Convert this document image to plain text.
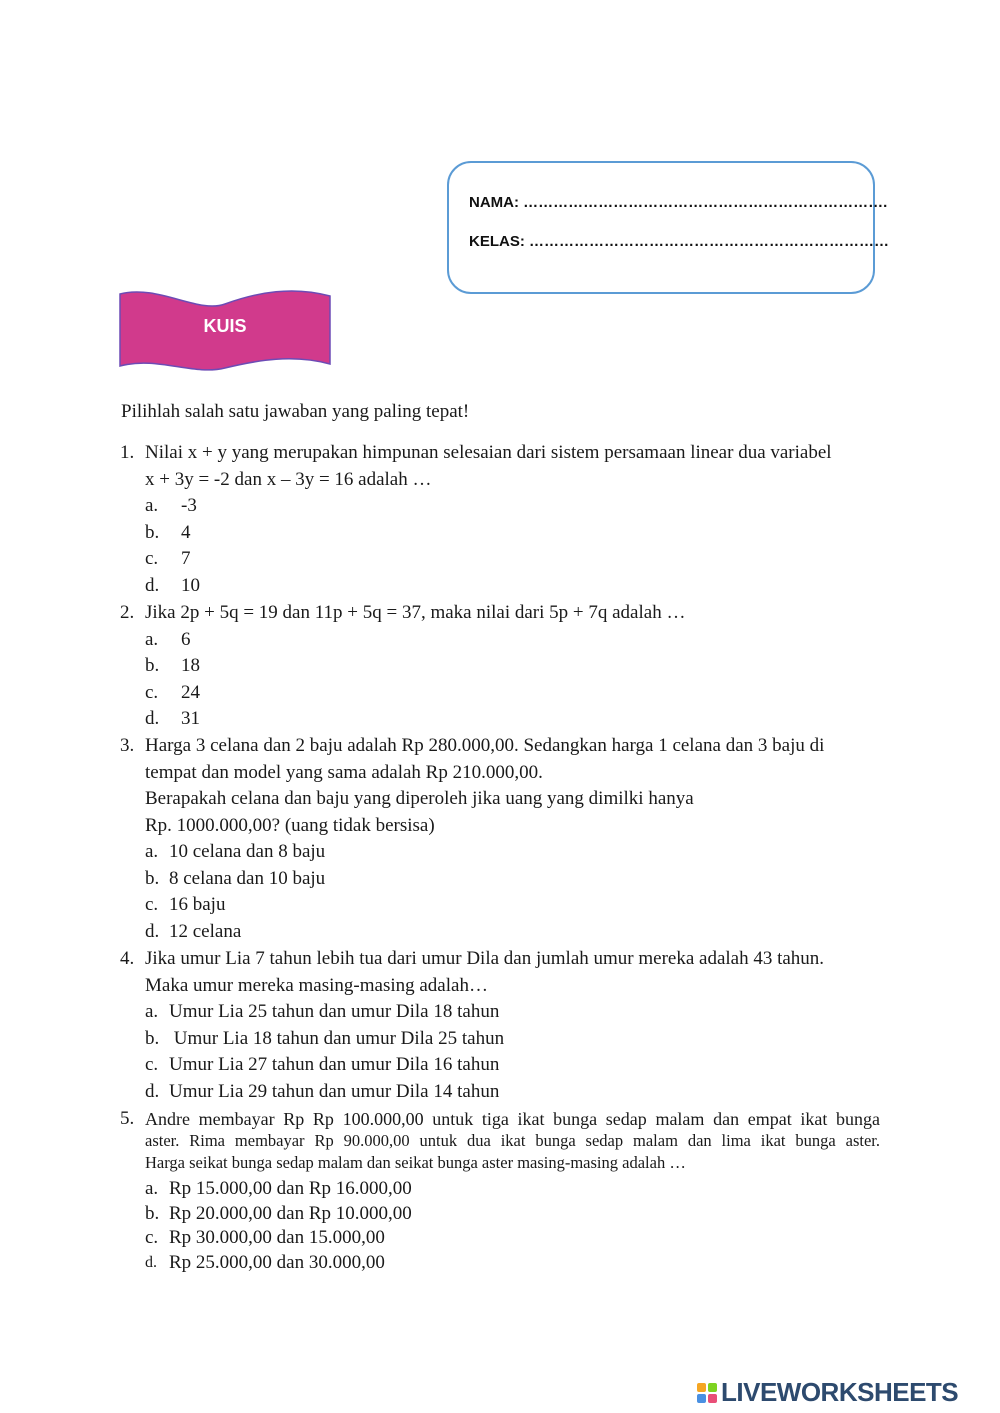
NAMA: ……………………………………………………………….
KELAS: ………………………………………………………………
KUIS
Pilihlah salah satu jawaban yang paling tepat!
1. Nilai x + y yang merupakan himpunan selesaian dari sistem persamaan linear dua variabel
x + 3y = -2 dan x – 3y = 16 adalah …
a.	-3
b.	4
c.	7
d.	10
2. Jika 2p + 5q = 19 dan 11p + 5q = 37, maka nilai dari 5p + 7q adalah …
a.	6
b.	18
c.	24
d.	31
3. Harga 3 celana dan 2 baju adalah Rp 280.000,00. Sedangkan harga 1 celana dan 3 baju di
tempat dan model yang sama adalah Rp 210.000,00.
Berapakah celana dan baju yang diperoleh jika uang yang dimilki hanya
Rp. 1000.000,00? (uang tidak bersisa)
a. 10 celana dan 8 baju
b. 8 celana dan 10 baju
c. 16 baju
d. 12 celana
4. Jika umur Lia 7 tahun lebih tua dari umur Dila dan jumlah umur mereka adalah 43 tahun.
Maka umur mereka masing-masing adalah…
a. Umur Lia 25 tahun dan umur Dila 18 tahun
b. Umur Lia 18 tahun dan umur Dila 25 tahun
c. Umur Lia 27 tahun dan umur Dila 16 tahun
d. Umur Lia 29 tahun dan umur Dila 14 tahun
5. Andre membayar Rp Rp 100.000,00 untuk tiga ikat bunga sedap malam dan empat ikat bunga
aster. Rima membayar Rp 90.000,00 untuk dua ikat bunga sedap malam dan lima ikat bunga aster.
Harga seikat bunga sedap malam dan seikat bunga aster masing-masing adalah …
a. Rp 15.000,00 dan Rp 16.000,00
b. Rp 20.000,00 dan Rp 10.000,00
c. Rp 30.000,00 dan 15.000,00
d. Rp 25.000,00 dan 30.000,00
LIVEWORKSHEETS
